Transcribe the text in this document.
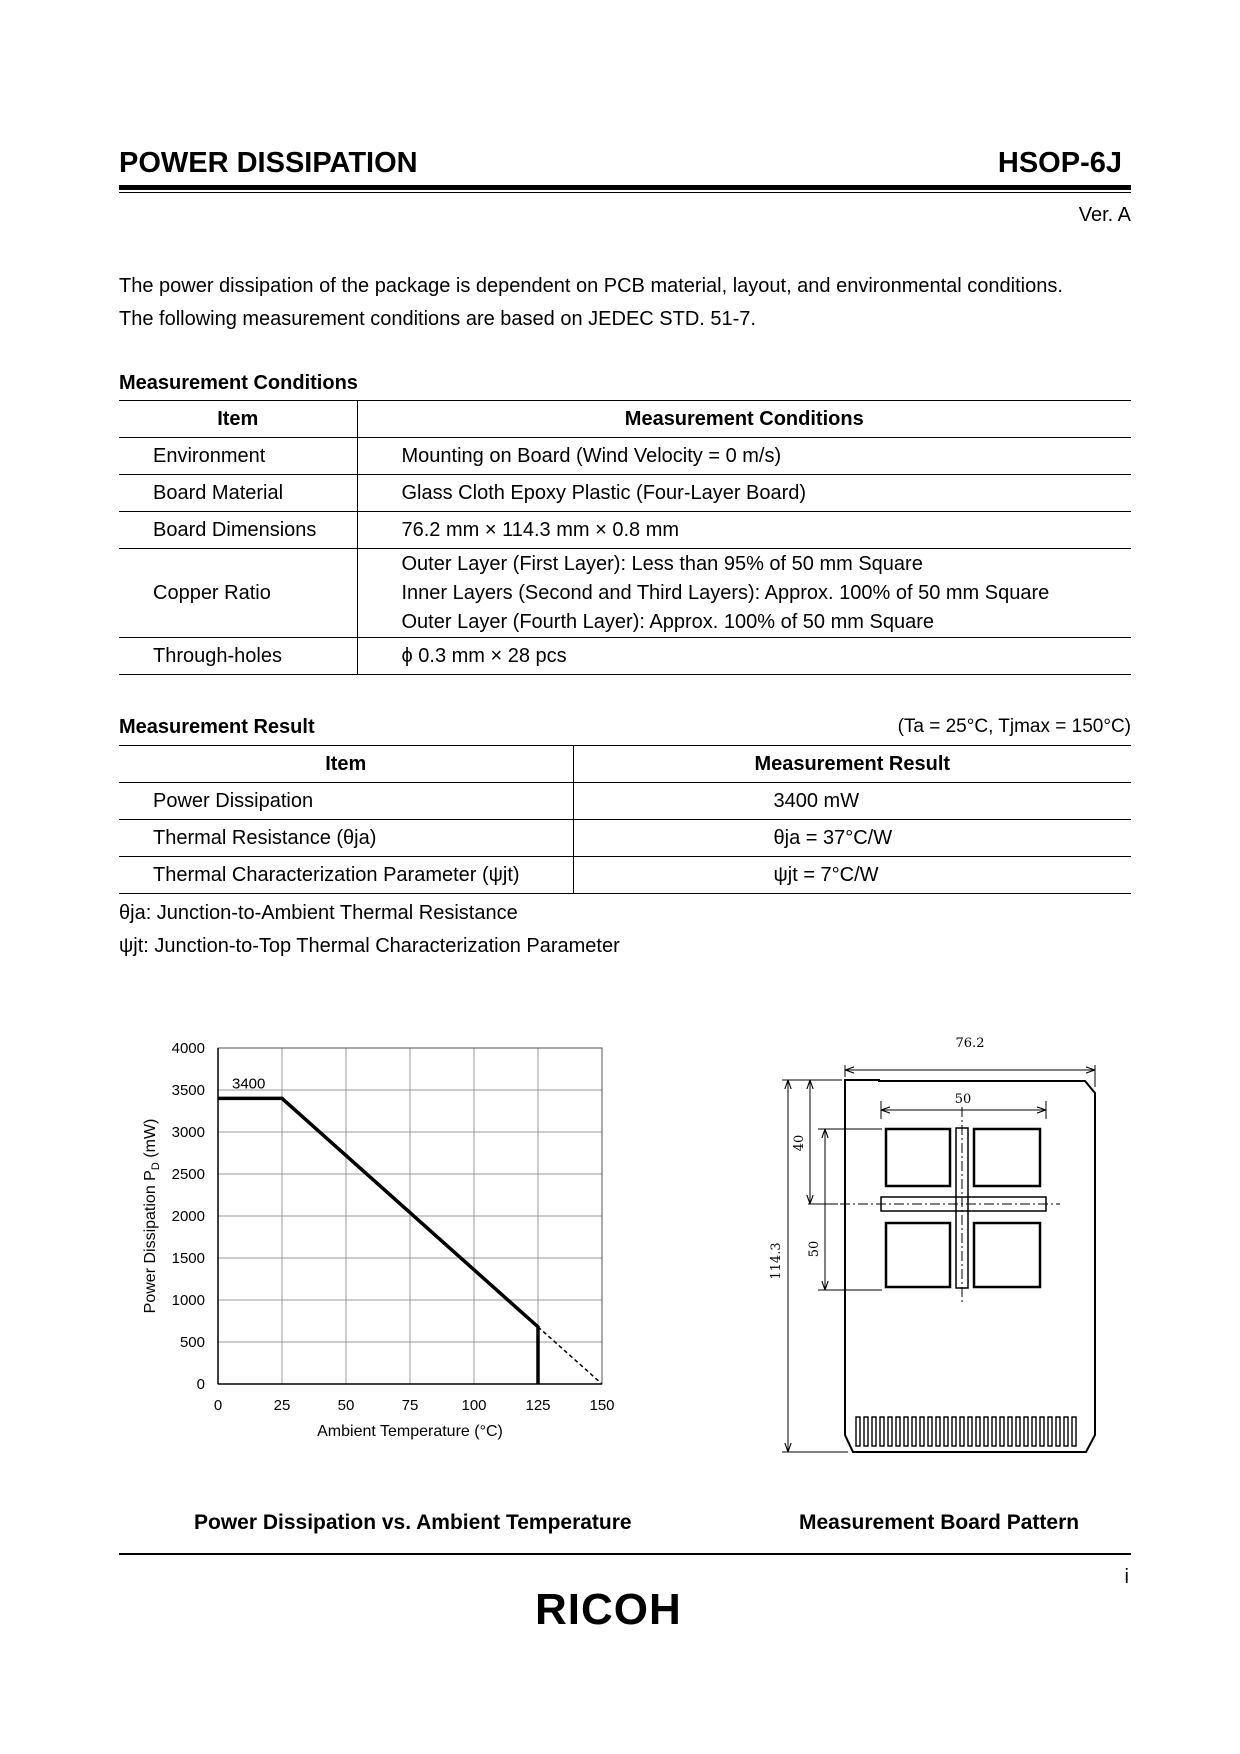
POWER DISSIPATION	HSOP-6J
Ver. A
The power dissipation of the package is dependent on PCB material, layout, and environmental conditions.
The following measurement conditions are based on JEDEC STD. 51-7.
Measurement Conditions
Item	Measurement Conditions
Environment	Mounting on Board (Wind Velocity = 0 m/s)
Board Material	Glass Cloth Epoxy Plastic (Four-Layer Board)
Board Dimensions	76.2 mm × 114.3 mm × 0.8 mm
Copper Ratio	Outer Layer (First Layer): Less than 95% of 50 mm Square
Inner Layers (Second and Third Layers): Approx. 100% of 50 mm Square
Outer Layer (Fourth Layer): Approx. 100% of 50 mm Square

Through-holes	ϕ 0.3 mm × 28 pcs
Measurement Result	(Ta = 25°C, Tjmax = 150°C)
Item	Measurement Result
Power Dissipation	3400 mW
Thermal Resistance (θja)	θja = 37°C/W
Thermal Characterization Parameter (ψjt)	ψjt = 7°C/W
θja: Junction-to-Ambient Thermal Resistance
ψjt: Junction-to-Top Thermal Characterization Parameter
0	25	50	75	100	125	150
0
500
1000
1500
2000
2500
3000
3500
4000
3400
Ambient Temperature (°C)
Power Dissipation $P_D$ (mW)
Power Dissipation vs. Ambient Temperature
76.2
50
114.3
40
50
Measurement Board Pattern
i
RICOH
